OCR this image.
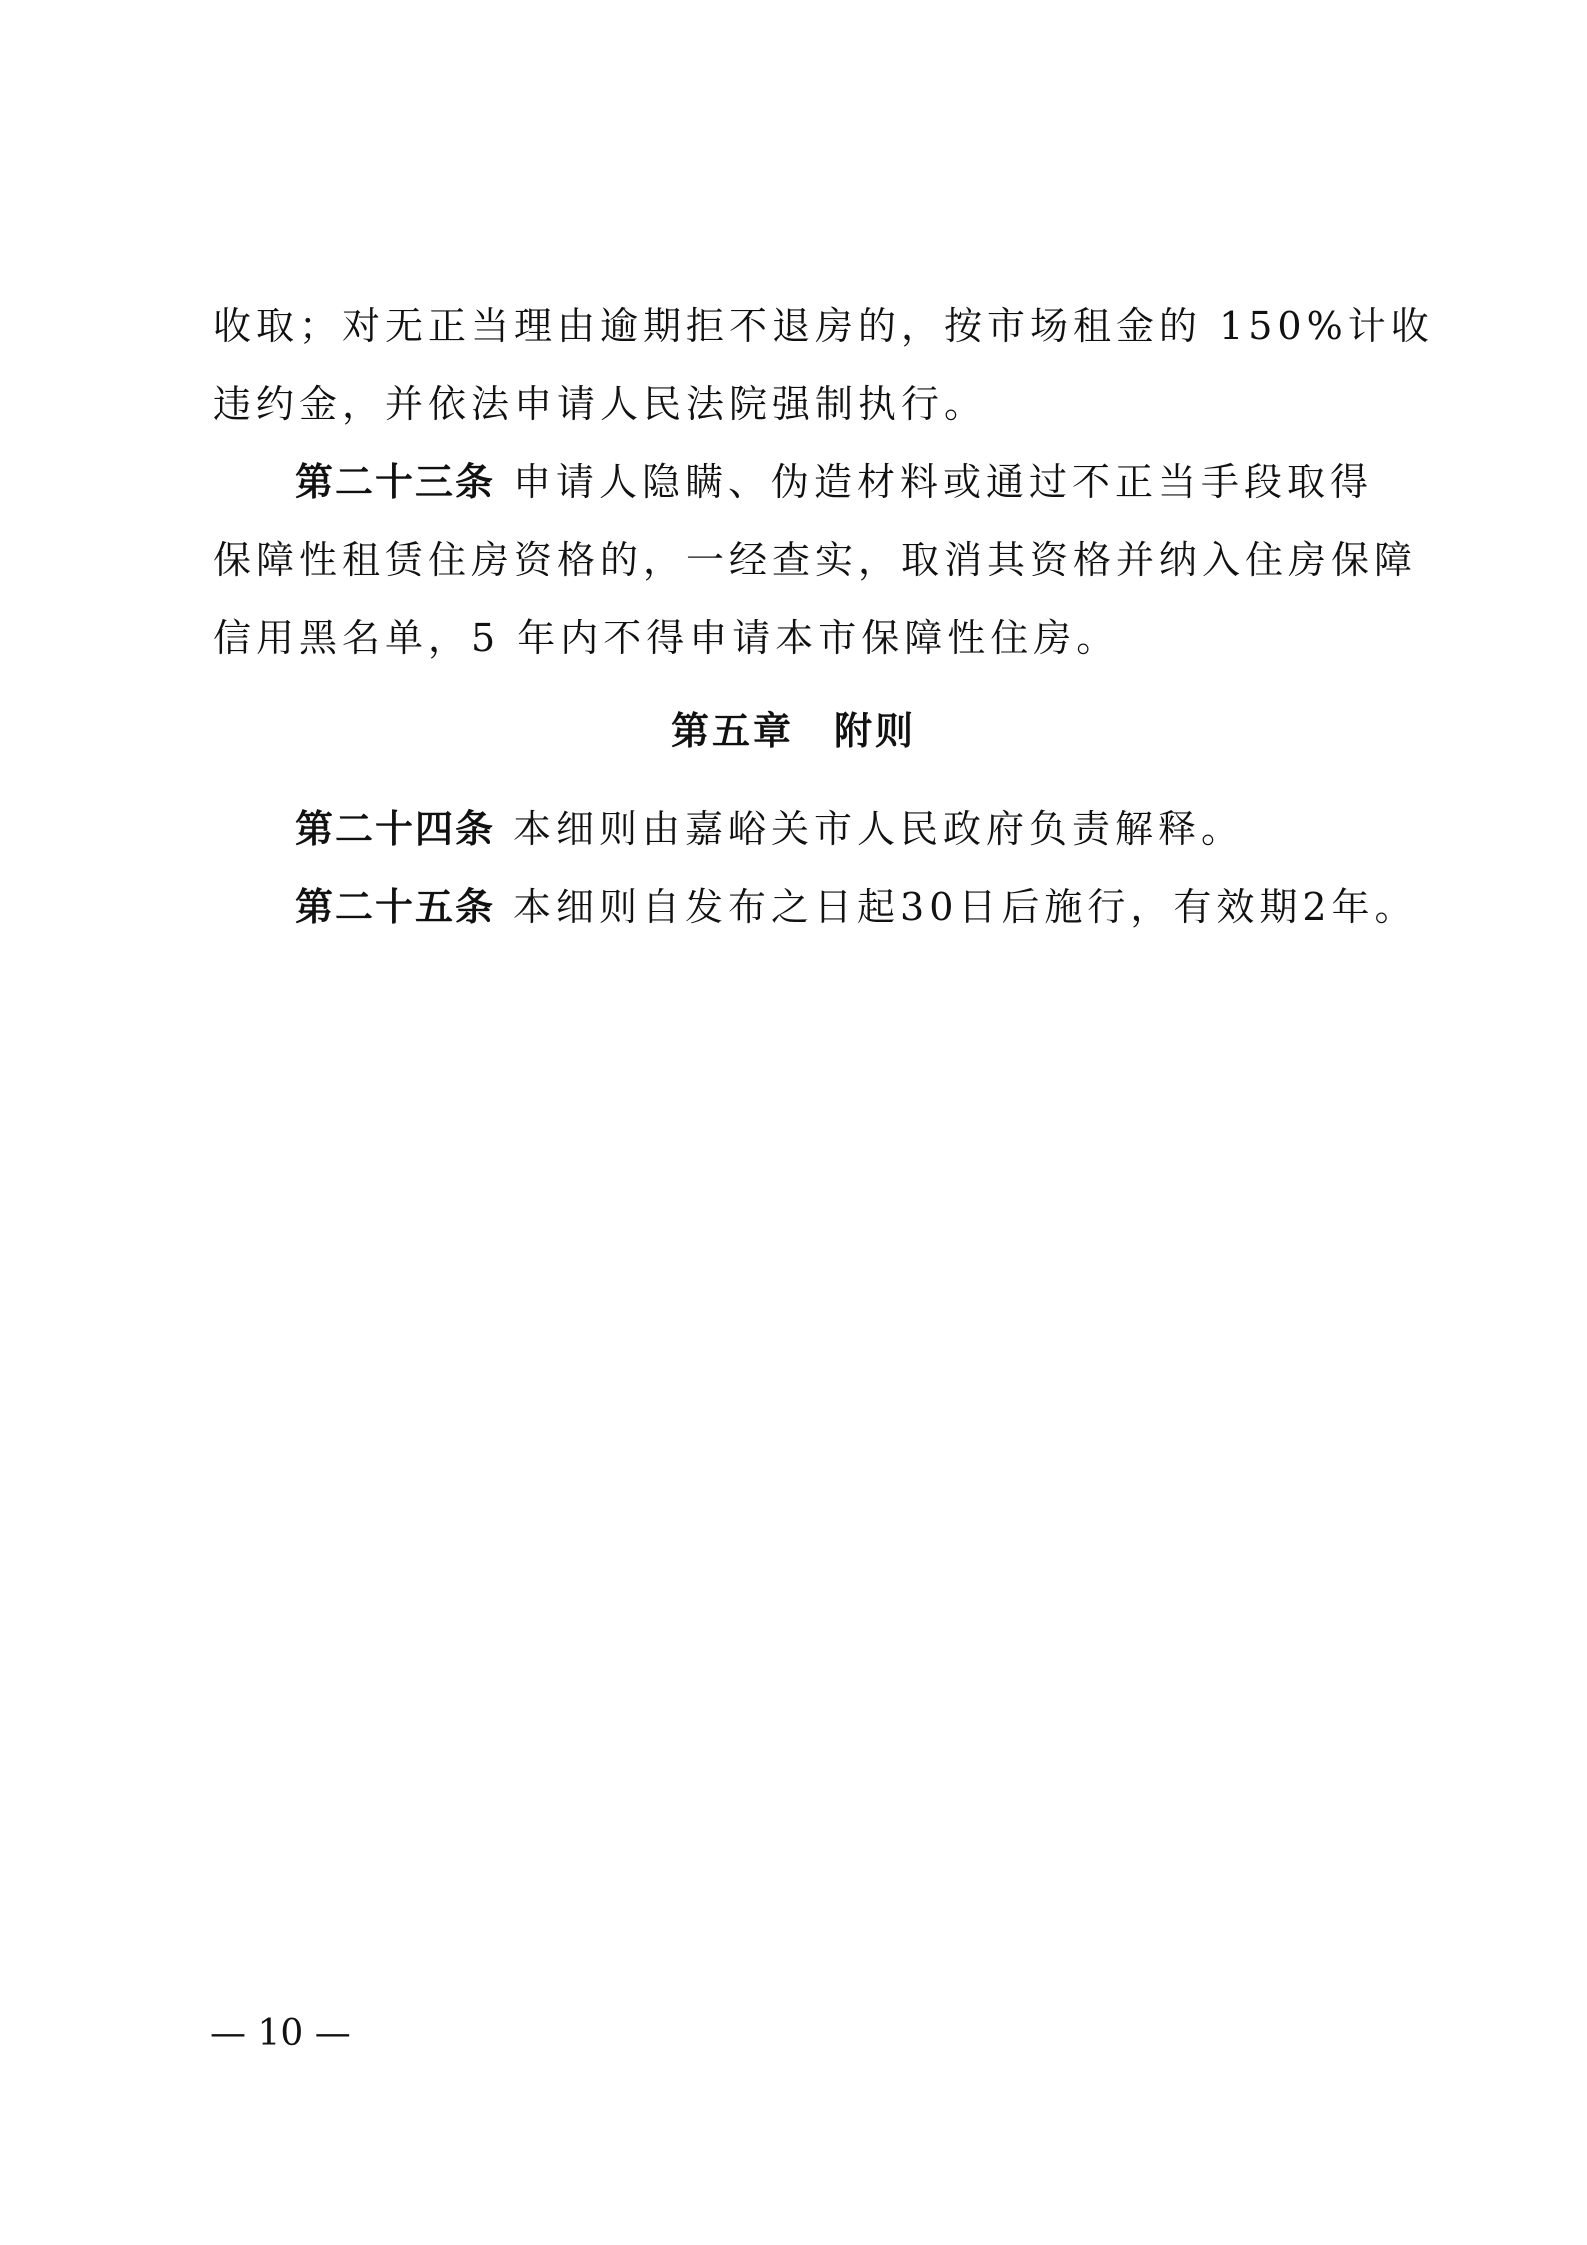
收取；对无正当理由逾期拒不退房的，按市场租金的 150%计收
违约金，并依法申请人民法院强制执行。
第二十三条 申请人隐瞒、伪造材料或通过不正当手段取得
保障性租赁住房资格的，一经查实，取消其资格并纳入住房保障
信用黑名单，5 年内不得申请本市保障性住房。
第五章 附则
第二十四条 本细则由嘉峪关市人民政府负责解释。
第二十五条 本细则自发布之日起30日后施行，有效期2年。
— 10 —
